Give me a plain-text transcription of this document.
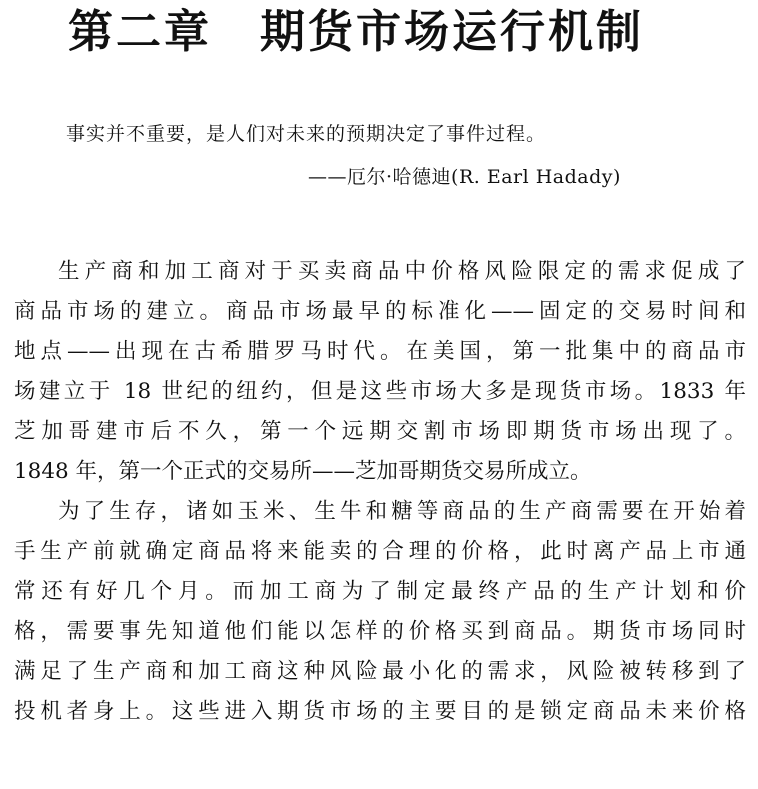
第二章　期货市场运行机制

事实并不重要，是人们对未来的预期决定了事件过程。

——厄尔·哈德迪(R. Earl Hadady)

生产商和加工商对于买卖商品中价格风险限定的需求促成了
商品市场的建立。商品市场最早的标准化——固定的交易时间和
地点——出现在古希腊罗马时代。在美国，第一批集中的商品市
场建立于 18 世纪的纽约，但是这些市场大多是现货市场。1833 年
芝加哥建市后不久，第一个远期交割市场即期货市场出现了。
1848 年，第一个正式的交易所——芝加哥期货交易所成立。
为了生存，诸如玉米、生牛和糖等商品的生产商需要在开始着
手生产前就确定商品将来能卖的合理的价格，此时离产品上市通
常还有好几个月。而加工商为了制定最终产品的生产计划和价
格，需要事先知道他们能以怎样的价格买到商品。期货市场同时
满足了生产商和加工商这种风险最小化的需求，风险被转移到了
投机者身上。这些进入期货市场的主要目的是锁定商品未来价格
